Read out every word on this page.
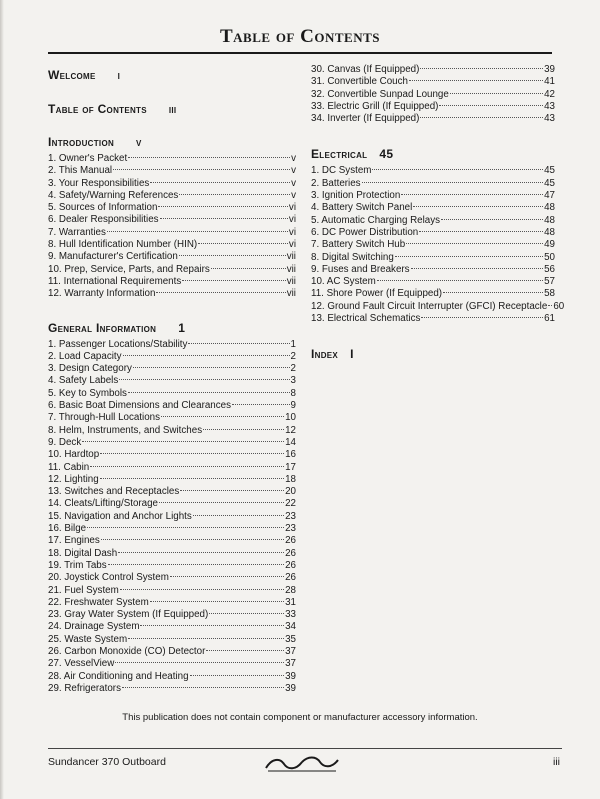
Table of Contents
Welcome i
Table of Contents iii
Introduction v
1. Owner's Packet	v
2. This Manual	v
3. Your Responsibilities	v
4. Safety/Warning References	v
5. Sources of Information	vi
6. Dealer Responsibilities	vi
7. Warranties	vi
8. Hull Identification Number (HIN)	vi
9. Manufacturer's Certification	vii
10. Prep, Service, Parts, and Repairs	vii
11. International Requirements	vii
12. Warranty Information	vii
General Information 1
1. Passenger Locations/Stability	1
2. Load Capacity	2
3. Design Category	2
4. Safety Labels	3
5. Key to Symbols	8
6. Basic Boat Dimensions and Clearances	9
7. Through-Hull Locations	10
8. Helm, Instruments, and Switches	12
9. Deck	14
10. Hardtop	16
11. Cabin	17
12. Lighting	18
13. Switches and Receptacles	20
14. Cleats/Lifting/Storage	22
15. Navigation and Anchor Lights	23
16. Bilge	23
17. Engines	26
18. Digital Dash	26
19. Trim Tabs	26
20. Joystick Control System	26
21. Fuel System	28
22. Freshwater System	31
23. Gray Water System (If Equipped)	33
24. Drainage System	34
25. Waste System	35
26. Carbon Monoxide (CO) Detector	37
27. VesselView	37
28. Air Conditioning and Heating	39
29. Refrigerators	39
30. Canvas (If Equipped)	39
31. Convertible Couch	41
32. Convertible Sunpad Lounge	42
33. Electric Grill (If Equipped)	43
34. Inverter (If Equipped)	43
Electrical 45
1. DC System	45
2. Batteries	45
3. Ignition Protection	47
4. Battery Switch Panel	48
5. Automatic Charging Relays	48
6. DC Power Distribution	48
7. Battery Switch Hub	49
8. Digital Switching	50
9. Fuses and Breakers	56
10. AC System	57
11. Shore Power (If Equipped)	58
12. Ground Fault Circuit Interrupter (GFCI) Receptacle 60
13. Electrical Schematics	61
Index I
This publication does not contain component or manufacturer accessory information.
Sundancer 370 Outboard	iii
